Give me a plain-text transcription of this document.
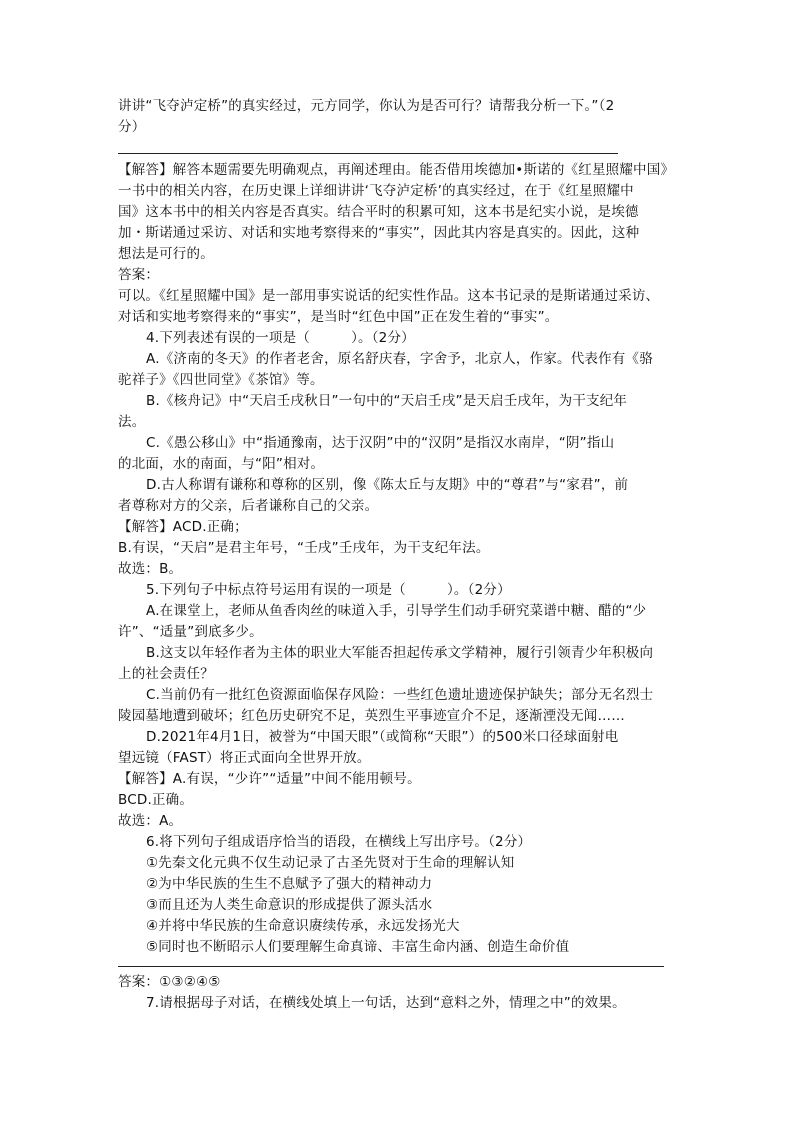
讲讲“飞夺泸定桥”的真实经过，元方同学，你认为是否可行？请帮我分析一下。”（2
分）
【解答】解答本题需要先明确观点，再阐述理由。能否借用埃德加•斯诺的《红星照耀中国》
一书中的相关内容，在历史课上详细讲讲‘飞夺泸定桥’的真实经过，在于《红星照耀中
国》这本书中的相关内容是否真实。结合平时的积累可知，这本书是纪实小说，是埃德
加・斯诺通过采访、对话和实地考察得来的“事实”，因此其内容是真实的。因此，这种
想法是可行的。
答案：
可以。《红星照耀中国》是一部用事实说话的纪实性作品。这本书记录的是斯诺通过采访、
对话和实地考察得来的“事实”，是当时“红色中国”正在发生着的“事实”。
4.下列表述有误的一项是（　　　）。（2分）
A.《济南的冬天》的作者老舍，原名舒庆春，字舍予，北京人，作家。代表作有《骆
驼祥子》《四世同堂》《茶馆》等。
B.《核舟记》中“天启壬戌秋日”一句中的“天启壬戌”是天启壬戌年，为干支纪年
法。
C.《愚公移山》中“指通豫南，达于汉阴”中的“汉阴”是指汉水南岸，“阴”指山
的北面，水的南面，与“阳”相对。
D.古人称谓有谦称和尊称的区别，像《陈太丘与友期》中的“尊君”与“家君”，前
者尊称对方的父亲，后者谦称自己的父亲。
【解答】ACD.正确；
B.有误，“天启”是君主年号，“壬戌”壬戌年，为干支纪年法。
故选：B。
5.下列句子中标点符号运用有误的一项是（　　　）。（2分）
A.在课堂上，老师从鱼香肉丝的味道入手，引导学生们动手研究菜谱中糖、醋的“少
许”、“适量”到底多少。
B.这支以年轻作者为主体的职业大军能否担起传承文学精神，履行引领青少年积极向
上的社会责任？
C.当前仍有一批红色资源面临保存风险：一些红色遗址遗迹保护缺失；部分无名烈士
陵园墓地遭到破坏；红色历史研究不足，英烈生平事迹宣介不足，逐渐湮没无闻……
D.2021年4月1日，被誉为“中国天眼”（或简称“天眼”）的500米口径球面射电
望远镜（FAST）将正式面向全世界开放。
【解答】A.有误，“少许”“适量”中间不能用顿号。
BCD.正确。
故选：A。
6.将下列句子组成语序恰当的语段，在横线上写出序号。（2分）
①先秦文化元典不仅生动记录了古圣先贤对于生命的理解认知
②为中华民族的生生不息赋予了强大的精神动力
③而且还为人类生命意识的形成提供了源头活水
④并将中华民族的生命意识赓续传承，永远发扬光大
⑤同时也不断昭示人们要理解生命真谛、丰富生命内涵、创造生命价值
答案：①③②④⑤
7.请根据母子对话，在横线处填上一句话，达到“意料之外，情理之中”的效果。
